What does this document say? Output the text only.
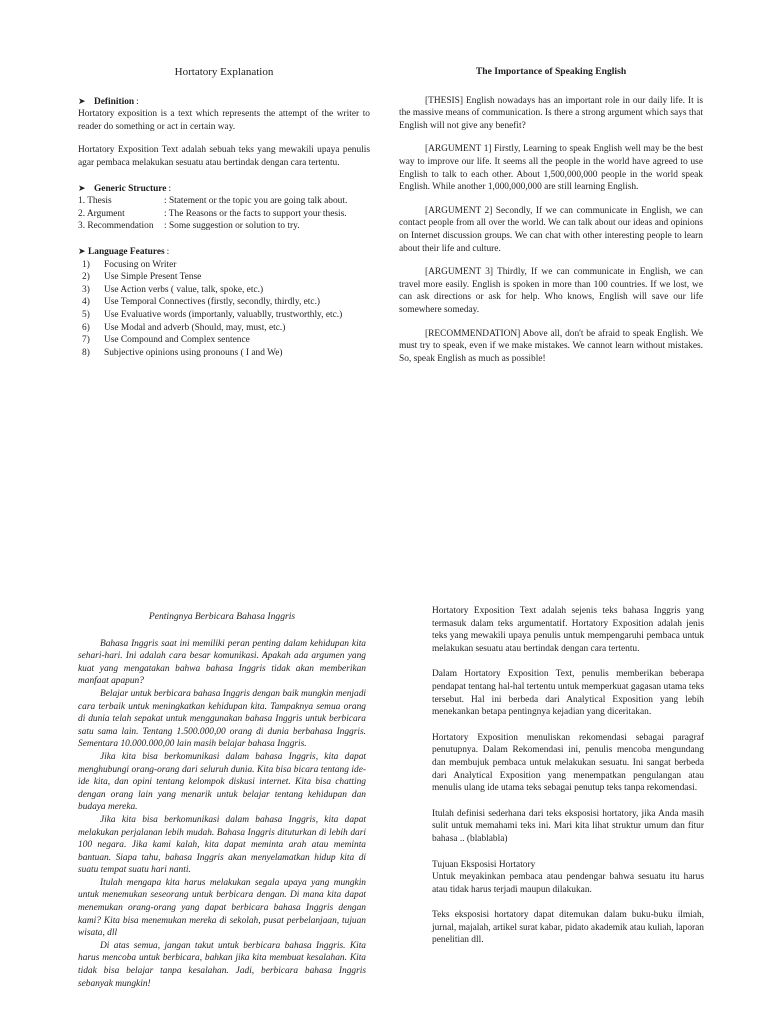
Hortatory Explanation
➤ Definition :

Hortatory exposition is a text which represents the attempt of the writer to reader do something or act in certain way.

Hortatory Exposition Text adalah sebuah teks yang mewakili upaya penulis agar pembaca melakukan sesuatu atau bertindak dengan cara tertentu.

➤ Generic Structure :
1. Thesis	: Statement or the topic you are going talk about.
2. Argument	: The Reasons or the facts to support your thesis.
3. Recommendation	: Some suggestion or solution to try.
➤ Language Features :
1)	Focusing on Writer
2)	Use Simple Present Tense
3)	Use Action verbs ( value, talk, spoke, etc.)
4)	Use Temporal Connectives (firstly, secondly, thirdly, etc.)
5)	Use Evaluative words (importanly, valuablly, trustworthly, etc.)
6)	Use Modal and adverb (Should, may, must, etc.)
7)	Use Compound and Complex sentence
8)	Subjective opinions using pronouns ( I and We)
The Importance of Speaking English

[THESIS] English nowadays has an important role in our daily life. It is the massive means of communication. Is there a strong argument which says that English will not give any benefit?

[ARGUMENT 1] Firstly, Learning to speak English well may be the best way to improve our life. It seems all the people in the world have agreed to use English to talk to each other. About 1,500,000,000 people in the world speak English. While another 1,000,000,000 are still learning English.

[ARGUMENT 2] Secondly, If we can communicate in English, we can contact people from all over the world. We can talk about our ideas and opinions on Internet discussion groups. We can chat with other interesting people to learn about their life and culture.

[ARGUMENT 3] Thirdly, If we can communicate in English, we can travel more easily. English is spoken in more than 100 countries. If we lost, we can ask directions or ask for help. Who knows, English will save our life somewhere someday.

[RECOMMENDATION] Above all, don't be afraid to speak English. We must try to speak, even if we make mistakes. We cannot learn without mistakes. So, speak English as much as possible!

Pentingnya Berbicara Bahasa Inggris

Bahasa Inggris saat ini memiliki peran penting dalam kehidupan kita sehari-hari. Ini adalah cara besar komunikasi. Apakah ada argumen yang kuat yang mengatakan bahwa bahasa Inggris tidak akan memberikan manfaat apapun?

Belajar untuk berbicara bahasa Inggris dengan baik mungkin menjadi cara terbaik untuk meningkatkan kehidupan kita. Tampaknya semua orang di dunia telah sepakat untuk menggunakan bahasa Inggris untuk berbicara satu sama lain. Tentang 1.500.000,00 orang di dunia berbahasa Inggris. Sementara 10.000.000,00 lain masih belajar bahasa Inggris.

Jika kita bisa berkomunikasi dalam bahasa Inggris, kita dapat menghubungi orang-orang dari seluruh dunia. Kita bisa bicara tentang ide-ide kita, dan opini tentang kelompok diskusi internet. Kita bisa chatting dengan orang lain yang menarik untuk belajar tentang kehidupan dan budaya mereka.

Jika kita bisa berkomunikasi dalam bahasa Inggris, kita dapat melakukan perjalanan lebih mudah. Bahasa Inggris dituturkan di lebih dari 100 negara. Jika kami kalah, kita dapat meminta arah atau meminta bantuan. Siapa tahu, bahasa Inggris akan menyelamatkan hidup kita di suatu tempat suatu hari nanti.

Itulah mengapa kita harus melakukan segala upaya yang mungkin untuk menemukan seseorang untuk berbicara dengan. Di mana kita dapat menemukan orang-orang yang dapat berbicara bahasa Inggris dengan kami? Kita bisa menemukan mereka di sekolah, pusat perbelanjaan, tujuan wisata, dll

Di atas semua, jangan takut untuk berbicara bahasa Inggris. Kita harus mencoba untuk berbicara, bahkan jika kita membuat kesalahan. Kita tidak bisa belajar tanpa kesalahan. Jadi, berbicara bahasa Inggris sebanyak mungkin!

Hortatory Exposition Text adalah sejenis teks bahasa Inggris yang termasuk dalam teks argumentatif. Hortatory Exposition adalah jenis teks yang mewakili upaya penulis untuk mempengaruhi pembaca untuk melakukan sesuatu atau bertindak dengan cara tertentu.

Dalam Hortatory Exposition Text, penulis memberikan beberapa pendapat tentang hal-hal tertentu untuk memperkuat gagasan utama teks tersebut. Hal ini berbeda dari Analytical Exposition yang lebih menekankan betapa pentingnya kejadian yang diceritakan.

Hortatory Exposition menuliskan rekomendasi sebagai paragraf penutupnya. Dalam Rekomendasi ini, penulis mencoba mengundang dan membujuk pembaca untuk melakukan sesuatu. Ini sangat berbeda dari Analytical Exposition yang menempatkan pengulangan atau menulis ulang ide utama teks sebagai penutup teks tanpa rekomendasi.

Itulah definisi sederhana dari teks eksposisi hortatory, jika Anda masih sulit untuk memahami teks ini. Mari kita lihat struktur umum dan fitur bahasa .. (blablabla)

Tujuan Eksposisi Hortatory

Untuk meyakinkan pembaca atau pendengar bahwa sesuatu itu harus atau tidak harus terjadi maupun dilakukan.

Teks eksposisi hortatory dapat ditemukan dalam buku-buku ilmiah, jurnal, majalah, artikel surat kabar, pidato akademik atau kuliah, laporan penelitian dll.
